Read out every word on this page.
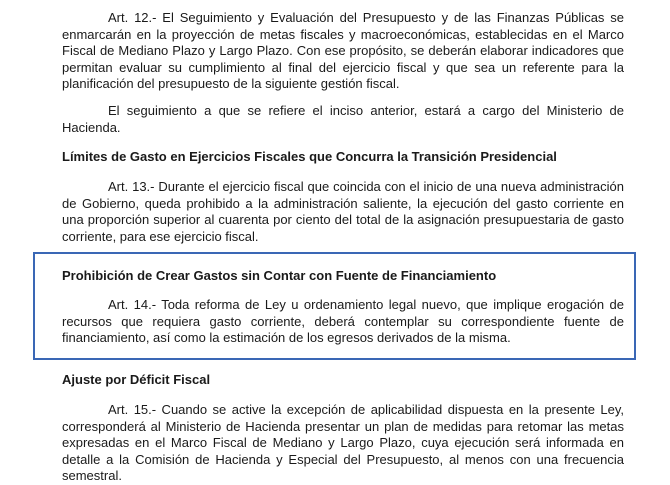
Art. 12.- El Seguimiento y Evaluación del Presupuesto y de las Finanzas Públicas se enmarcarán en la proyección de metas fiscales y macroeconómicas, establecidas en el Marco Fiscal de Mediano Plazo y Largo Plazo. Con ese propósito, se deberán elaborar indicadores que permitan evaluar su cumplimiento al final del ejercicio fiscal y que sea un referente para la planificación del presupuesto de la siguiente gestión fiscal.

El seguimiento a que se refiere el inciso anterior, estará a cargo del Ministerio de Hacienda.

Límites de Gasto en Ejercicios Fiscales que Concurra la Transición Presidencial

Art. 13.- Durante el ejercicio fiscal que coincida con el inicio de una nueva administración de Gobierno, queda prohibido a la administración saliente, la ejecución del gasto corriente en una proporción superior al cuarenta por ciento del total de la asignación presupuestaria de gasto corriente, para ese ejercicio fiscal.

Prohibición de Crear Gastos sin Contar con Fuente de Financiamiento

Art. 14.- Toda reforma de Ley u ordenamiento legal nuevo, que implique erogación de recursos que requiera gasto corriente, deberá contemplar su correspondiente fuente de financiamiento, así como la estimación de los egresos derivados de la misma.

Ajuste por Déficit Fiscal

Art. 15.- Cuando se active la excepción de aplicabilidad dispuesta en la presente Ley, corresponderá al Ministerio de Hacienda presentar un plan de medidas para retomar las metas expresadas en el Marco Fiscal de Mediano y Largo Plazo, cuya ejecución será informada en detalle a la Comisión de Hacienda y Especial del Presupuesto, al menos con una frecuencia semestral.
